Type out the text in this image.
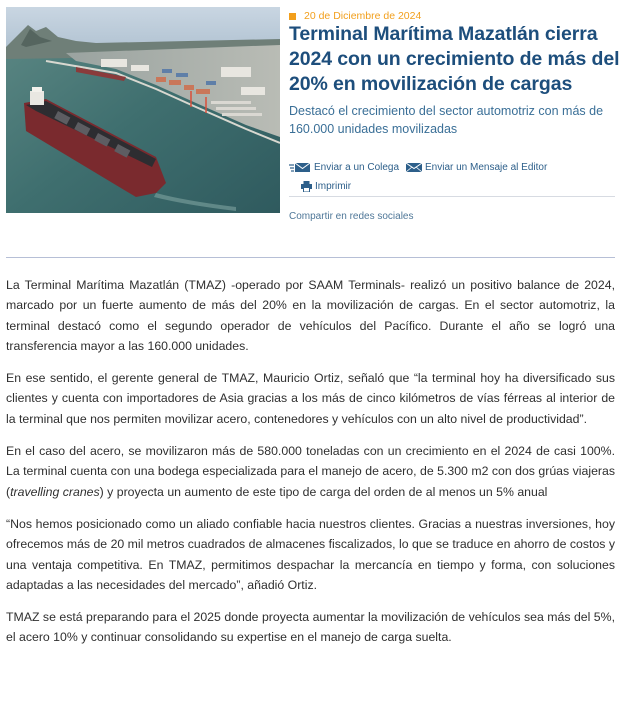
20 de Diciembre de 2024
Terminal Marítima Mazatlán cierra 2024 con un crecimiento de más del 20% en movilización de cargas

Destacó el crecimiento del sector automotriz con más de 160.000 unidades movilizadas

Enviar a un Colega	Enviar un Mensaje al Editor
Imprimir
Compartir en redes sociales

La Terminal Marítima Mazatlán (TMAZ) -operado por SAAM Terminals- realizó un positivo balance de 2024, marcado por un fuerte aumento de más del 20% en la movilización de cargas. En el sector automotriz, la terminal destacó como el segundo operador de vehículos del Pacífico. Durante el año se logró una transferencia mayor a las 160.000 unidades.

En ese sentido, el gerente general de TMAZ, Mauricio Ortiz, señaló que “la terminal hoy ha diversificado sus clientes y cuenta con importadores de Asia gracias a los más de cinco kilómetros de vías férreas al interior de la terminal que nos permiten movilizar acero, contenedores y vehículos con un alto nivel de productividad”.

En el caso del acero, se movilizaron más de 580.000 toneladas con un crecimiento en el 2024 de casi 100%. La terminal cuenta con una bodega especializada para el manejo de acero, de 5.300 m2 con dos grúas viajeras (travelling cranes) y proyecta un aumento de este tipo de carga del orden de al menos un 5% anual

“Nos hemos posicionado como un aliado confiable hacia nuestros clientes. Gracias a nuestras inversiones, hoy ofrecemos más de 20 mil metros cuadrados de almacenes fiscalizados, lo que se traduce en ahorro de costos y una ventaja competitiva. En TMAZ, permitimos despachar la mercancía en tiempo y forma, con soluciones adaptadas a las necesidades del mercado”, añadió Ortiz.

TMAZ se está preparando para el 2025 donde proyecta aumentar la movilización de vehículos sea más del 5%, el acero 10% y continuar consolidando su expertise en el manejo de carga suelta.
